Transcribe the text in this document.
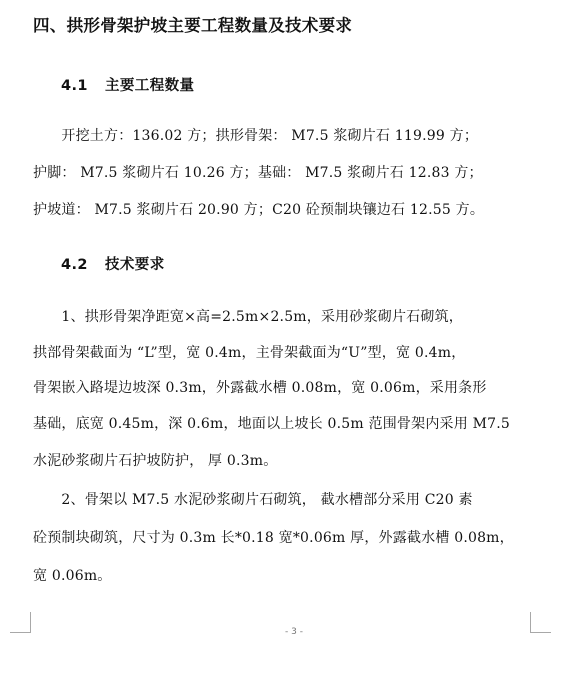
四、拱形骨架护坡主要工程数量及技术要求
4.1 主要工程数量
　　开挖土方：136.02 方；拱形骨架： M7.5 浆砌片石 119.99 方；
护脚： M7.5 浆砌片石 10.26 方；基础： M7.5 浆砌片石 12.83 方；
护坡道： M7.5 浆砌片石 20.90 方；C20 砼预制块镶边石 12.55 方。
4.2 技术要求
　　1、拱形骨架净距宽×高=2.5m×2.5m，采用砂浆砌片石砌筑，
拱部骨架截面为 “L”型，宽 0.4m，主骨架截面为“U”型，宽 0.4m，
骨架嵌入路堤边坡深 0.3m，外露截水槽 0.08m，宽 0.06m，采用条形
基础，底宽 0.45m，深 0.6m，地面以上坡长 0.5m 范围骨架内采用 M7.5
水泥砂浆砌片石护坡防护， 厚 0.3m。
　　2、骨架以 M7.5 水泥砂浆砌片石砌筑， 截水槽部分采用 C20 素
砼预制块砌筑，尺寸为 0.3m 长*0.18 宽*0.06m 厚，外露截水槽 0.08m，
宽 0.06m。
- 3 -
